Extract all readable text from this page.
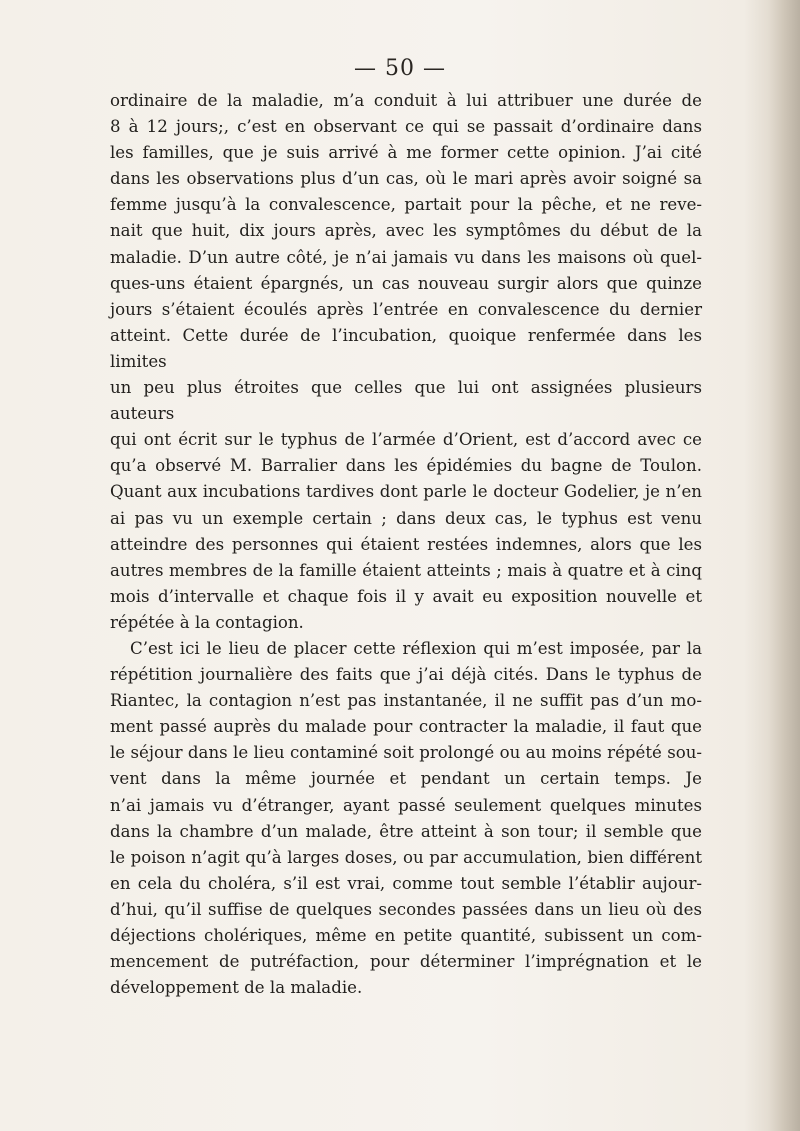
— 50 —

ordinaire de la maladie, m’a conduit à lui attribuer une durée de

8 à 12 jours;, c’est en observant ce qui se passait d’ordinaire dans

les familles, que je suis arrivé à me former cette opinion. J’ai cité

dans les observations plus d’un cas, où le mari après avoir soigné sa

femme jusqu’à la convalescence, partait pour la pêche, et ne reve-

nait que huit, dix jours après, avec les symptômes du début de la

maladie. D’un autre côté, je n’ai jamais vu dans les maisons où quel-

ques-uns étaient épargnés, un cas nouveau surgir alors que quinze

jours s’étaient écoulés après l’entrée en convalescence du dernier

atteint. Cette durée de l’incubation, quoique renfermée dans les limites

un peu plus étroites que celles que lui ont assignées plusieurs auteurs

qui ont écrit sur le typhus de l’armée d’Orient, est d’accord avec ce

qu’a observé M. Barralier dans les épidémies du bagne de Toulon.

Quant aux incubations tardives dont parle le docteur Godelier, je n’en

ai pas vu un exemple certain ; dans deux cas, le typhus est venu

atteindre des personnes qui étaient restées indemnes, alors que les

autres membres de la famille étaient atteints ; mais à quatre et à cinq

mois d’intervalle et chaque fois il y avait eu exposition nouvelle et

répétée à la contagion.

C’est ici le lieu de placer cette réflexion qui m’est imposée, par la

répétition journalière des faits que j’ai déjà cités. Dans le typhus de

Riantec, la contagion n’est pas instantanée, il ne suffit pas d’un mo-

ment passé auprès du malade pour contracter la maladie, il faut que

le séjour dans le lieu contaminé soit prolongé ou au moins répété sou-

vent dans la même journée et pendant un certain temps. Je

n’ai jamais vu d’étranger, ayant passé seulement quelques minutes

dans la chambre d’un malade, être atteint à son tour; il semble que

le poison n’agit qu’à larges doses, ou par accumulation, bien différent

en cela du choléra, s’il est vrai, comme tout semble l’établir aujour-

d’hui, qu’il suffise de quelques secondes passées dans un lieu où des

déjections cholériques, même en petite quantité, subissent un com-

mencement de putréfaction, pour déterminer l’imprégnation et le

développement de la maladie.
